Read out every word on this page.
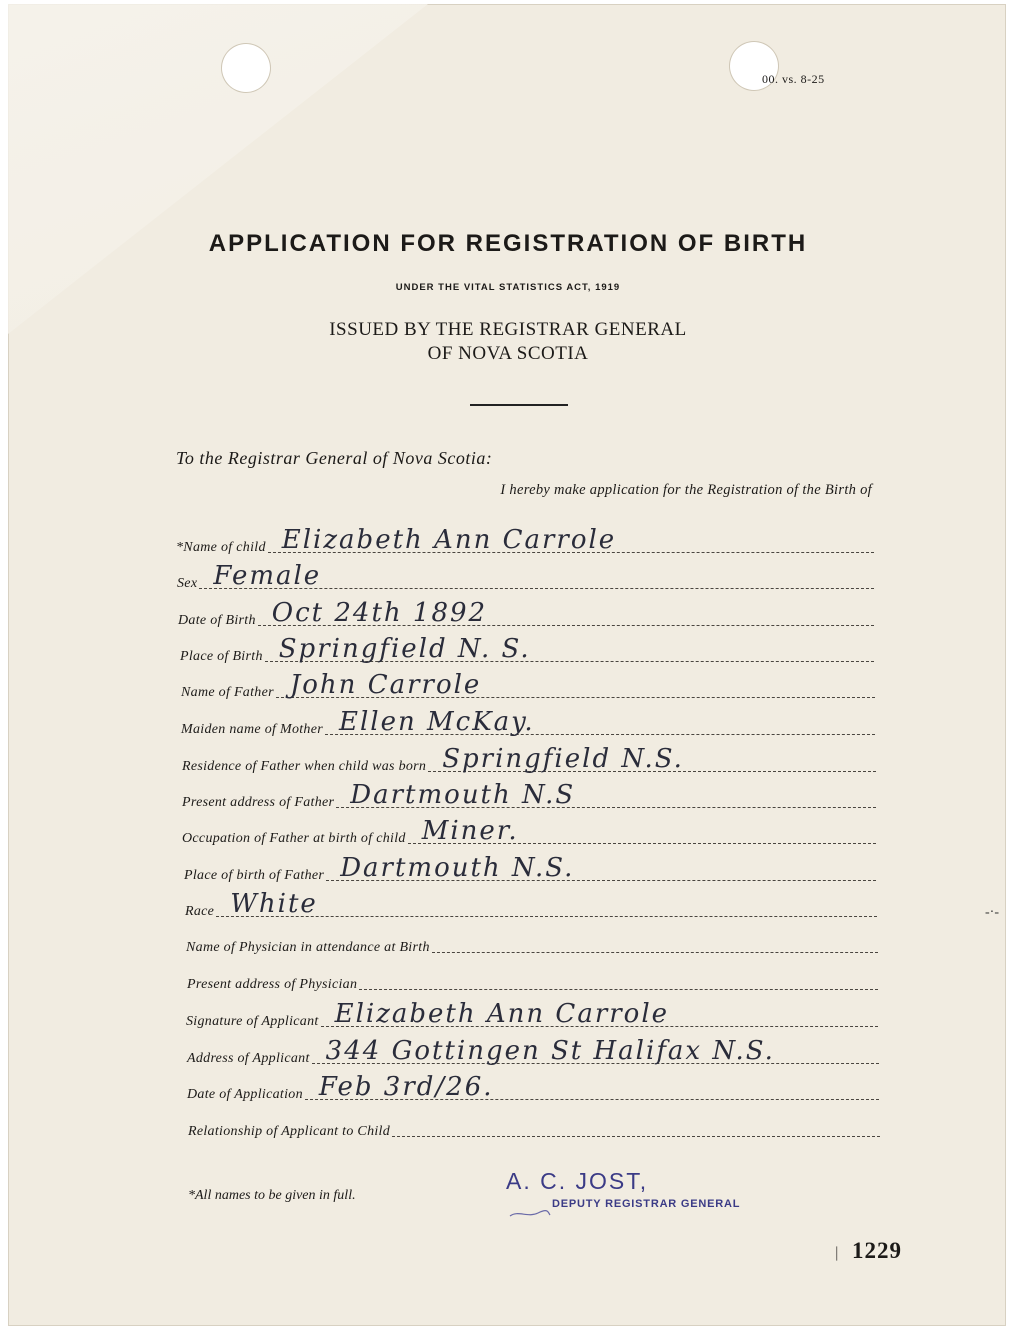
00. vs. 8-25
APPLICATION FOR REGISTRATION OF BIRTH
UNDER THE VITAL STATISTICS ACT, 1919
ISSUED BY THE REGISTRAR GENERAL
OF NOVA SCOTIA
To the Registrar General of Nova Scotia:
I hereby make application for the Registration of the Birth of
*Name of child Elizabeth Ann Carrole
Sex Female
Date of Birth Oct 24th 1892
Place of Birth Springfield N. S.
Name of Father John Carrole
Maiden name of Mother Ellen McKay.
Residence of Father when child was born Springfield N.S.
Present address of Father Dartmouth N.S
Occupation of Father at birth of child Miner.
Place of birth of Father Dartmouth N.S.
Race White
Name of Physician in attendance at Birth
Present address of Physician
Signature of Applicant Elizabeth Ann Carrole
Address of Applicant 344 Gottingen St Halifax N.S.
Date of Application Feb 3rd/26.
Relationship of Applicant to Child
*All names to be given in full.
A. C. JOST,
DEPUTY REGISTRAR GENERAL
ᛁ 1229
-·-
